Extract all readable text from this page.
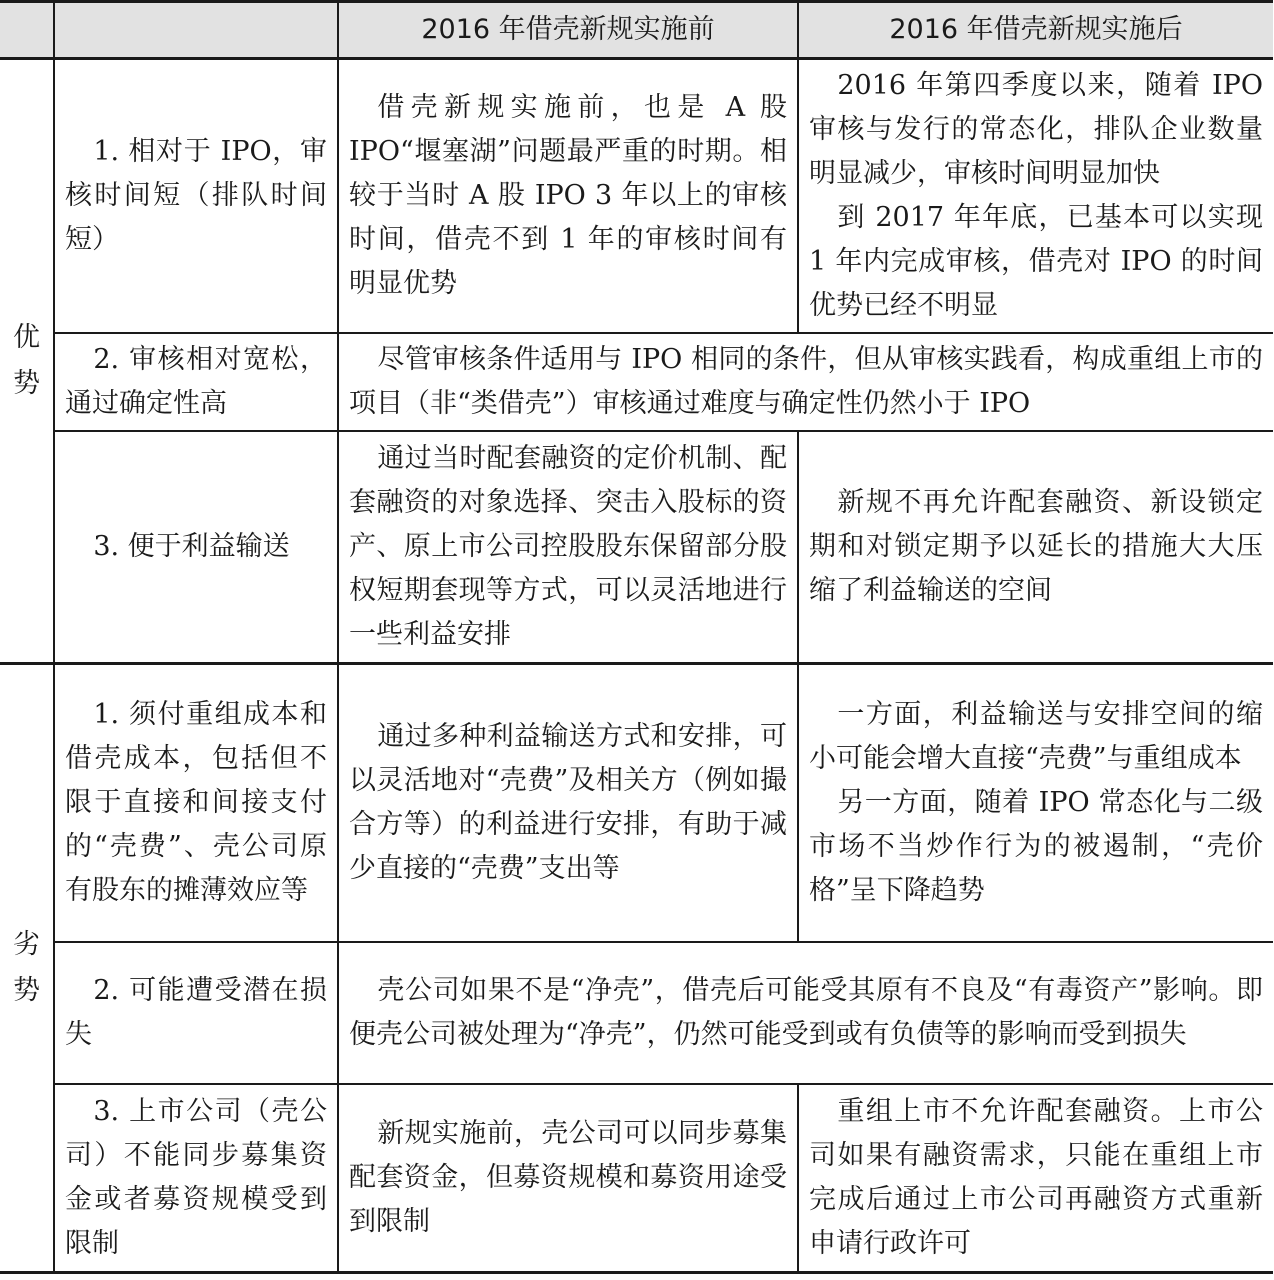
		2016 年借壳新规实施前	2016 年借壳新规实施后

优
势	1. 相对于 IPO，审核时间短（排队时间短）	借壳新规实施前，也是 A 股 IPO“堰塞湖”问题最严重的时期。相较于当时 A 股 IPO 3 年以上的审核时间，借壳不到 1 年的审核时间有明显优势	2016 年第四季度以来，随着 IPO 审核与发行的常态化，排队企业数量明显减少，审核时间明显加快
到 2017 年年底，已基本可以实现 1 年内完成审核，借壳对 IPO 的时间优势已经不明显

	2. 审核相对宽松，通过确定性高	尽管审核条件适用与 IPO 相同的条件，但从审核实践看，构成重组上市的项目（非“类借壳”）审核通过难度与确定性仍然小于 IPO	

	3. 便于利益输送	通过当时配套融资的定价机制、配套融资的对象选择、突击入股标的资产、原上市公司控股股东保留部分股权短期套现等方式，可以灵活地进行一些利益安排	新规不再允许配套融资、新设锁定期和对锁定期予以延长的措施大大压缩了利益输送的空间

劣
势	1. 须付重组成本和借壳成本，包括但不限于直接和间接支付的“壳费”、壳公司原有股东的摊薄效应等	通过多种利益输送方式和安排，可以灵活地对“壳费”及相关方（例如撮合方等）的利益进行安排，有助于减少直接的“壳费”支出等	一方面，利益输送与安排空间的缩小可能会增大直接“壳费”与重组成本
另一方面，随着 IPO 常态化与二级市场不当炒作行为的被遏制，“壳价格”呈下降趋势

	2. 可能遭受潜在损失	壳公司如果不是“净壳”，借壳后可能受其原有不良及“有毒资产”影响。即便壳公司被处理为“净壳”，仍然可能受到或有负债等的影响而受到损失	

	3. 上市公司（壳公司）不能同步募集资金或者募资规模受到限制	新规实施前，壳公司可以同步募集配套资金，但募资规模和募资用途受到限制	重组上市不允许配套融资。上市公司如果有融资需求，只能在重组上市完成后通过上市公司再融资方式重新申请行政许可
